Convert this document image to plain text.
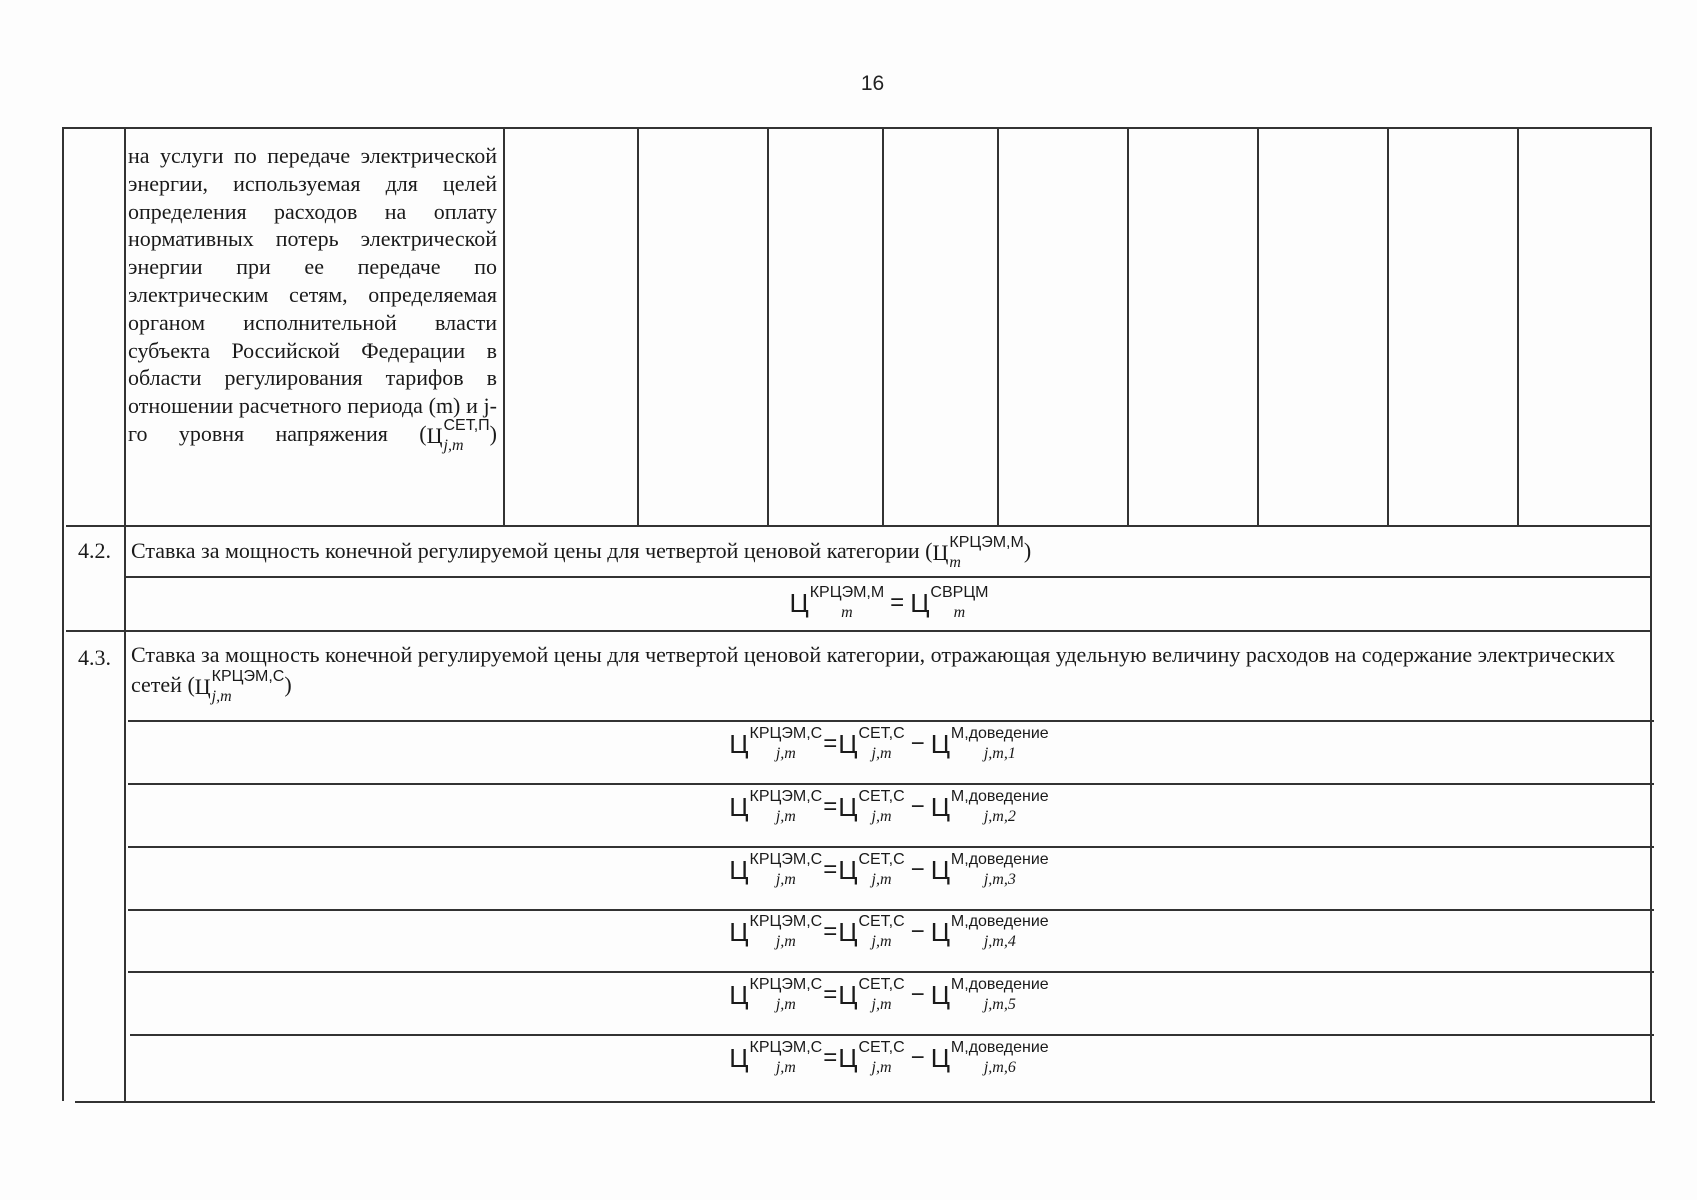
16
на услуги по передаче электрической энергии, используемая для целей определения расходов на оплату нормативных потерь электрической энергии при ее передаче по электрическим сетям, определяемая органом исполнительной власти субъекта Российской Федерации в области регулирования тарифов в отношении расчетного периода (m) и j-го уровня напряжения (Ц СЕТ,П
j,m	)
4.2. Ставка за мощность конечной регулируемой цены для четвертой ценовой категории (Ц КРЦЭМ,М
m	)
Ц КРЦЭМ,М
m	= Ц СВРЦМ
m
4.3. Ставка за мощность конечной регулируемой цены для четвертой ценовой категории, отражающая удельную величину расходов на содержание электрических сетей (Ц КРЦЭМ,С
j,m	)
Ц КРЦЭМ,С
j,m	=Ц СЕТ,С
j,m − Ц М,доведение
j,m,1
Ц КРЦЭМ,С
j,m	=Ц СЕТ,С
j,m − Ц М,доведение
j,m,2
Ц КРЦЭМ,С
j,m	=Ц СЕТ,С
j,m − Ц М,доведение
j,m,3
Ц КРЦЭМ,С
j,m	=Ц СЕТ,С
j,m − Ц М,доведение
j,m,4
Ц КРЦЭМ,С
j,m	=Ц СЕТ,С
j,m − Ц М,доведение
j,m,5
Ц КРЦЭМ,С
j,m	=Ц СЕТ,С
j,m − Ц М,доведение
j,m,6
